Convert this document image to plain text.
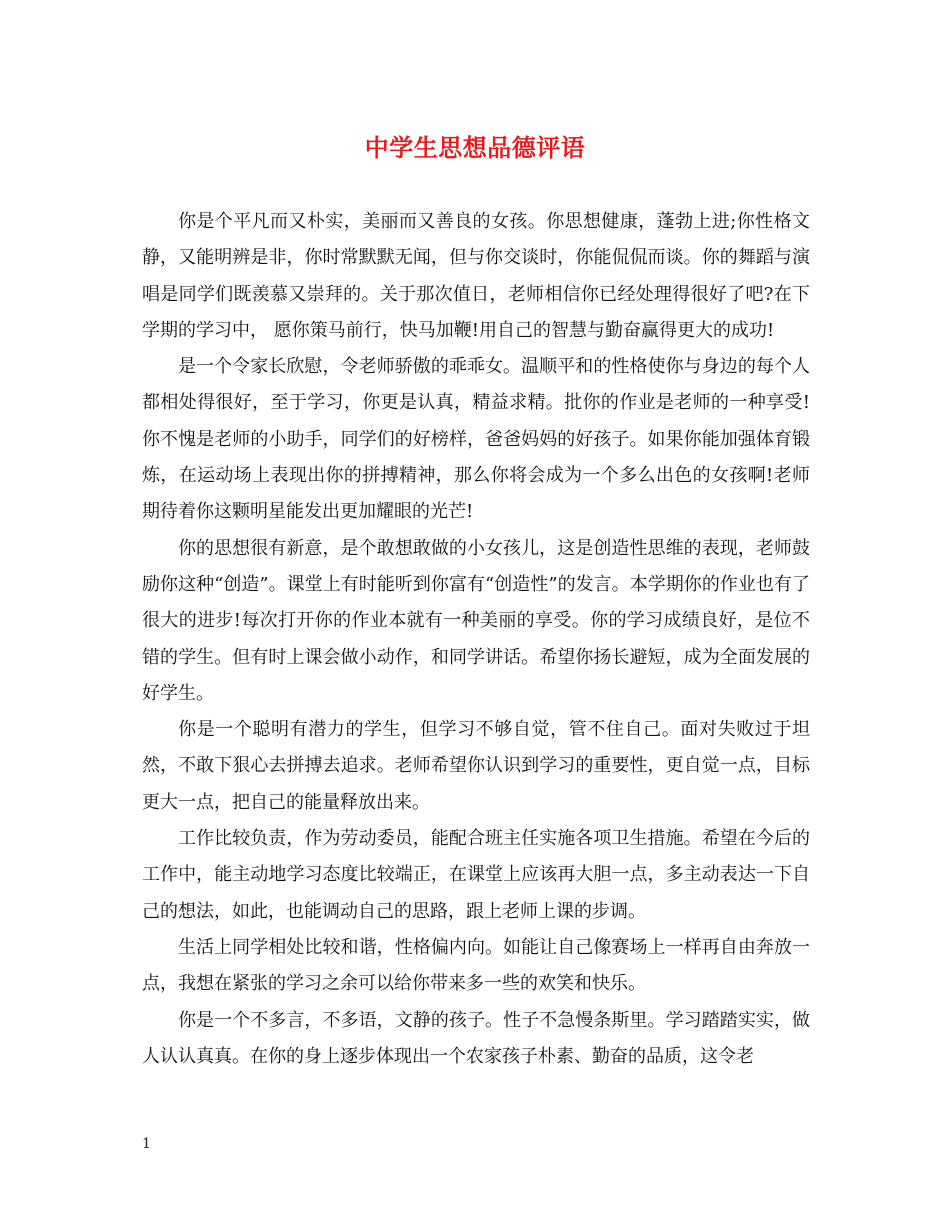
中学生思想品德评语

你是个平凡而又朴实，美丽而又善良的女孩。你思想健康，蓬勃上进;你性格文静，又能明辨是非，你时常默默无闻，但与你交谈时，你能侃侃而谈。你的舞蹈与演唱是同学们既羡慕又崇拜的。关于那次值日，老师相信你已经处理得很好了吧?在下学期的学习中， 愿你策马前行，快马加鞭!用自己的智慧与勤奋赢得更大的成功!

是一个令家长欣慰，令老师骄傲的乖乖女。温顺平和的性格使你与身边的每个人都相处得很好，至于学习，你更是认真，精益求精。批你的作业是老师的一种享受!你不愧是老师的小助手，同学们的好榜样，爸爸妈妈的好孩子。如果你能加强体育锻炼，在运动场上表现出你的拼搏精神，那么你将会成为一个多么出色的女孩啊!老师期待着你这颗明星能发出更加耀眼的光芒!

你的思想很有新意，是个敢想敢做的小女孩儿，这是创造性思维的表现，老师鼓励你这种“创造”。课堂上有时能听到你富有“创造性”的发言。本学期你的作业也有了很大的进步!每次打开你的作业本就有一种美丽的享受。你的学习成绩良好，是位不错的学生。但有时上课会做小动作，和同学讲话。希望你扬长避短，成为全面发展的好学生。

你是一个聪明有潜力的学生，但学习不够自觉，管不住自己。面对失败过于坦然，不敢下狠心去拼搏去追求。老师希望你认识到学习的重要性，更自觉一点，目标更大一点，把自己的能量释放出来。

工作比较负责，作为劳动委员，能配合班主任实施各项卫生措施。希望在今后的工作中，能主动地学习态度比较端正，在课堂上应该再大胆一点，多主动表达一下自己的想法，如此，也能调动自己的思路，跟上老师上课的步调。

生活上同学相处比较和谐，性格偏内向。如能让自己像赛场上一样再自由奔放一点，我想在紧张的学习之余可以给你带来多一些的欢笑和快乐。

你是一个不多言，不多语，文静的孩子。性子不急慢条斯里。学习踏踏实实，做人认认真真。在你的身上逐步体现出一个农家孩子朴素、勤奋的品质，这令老

1
